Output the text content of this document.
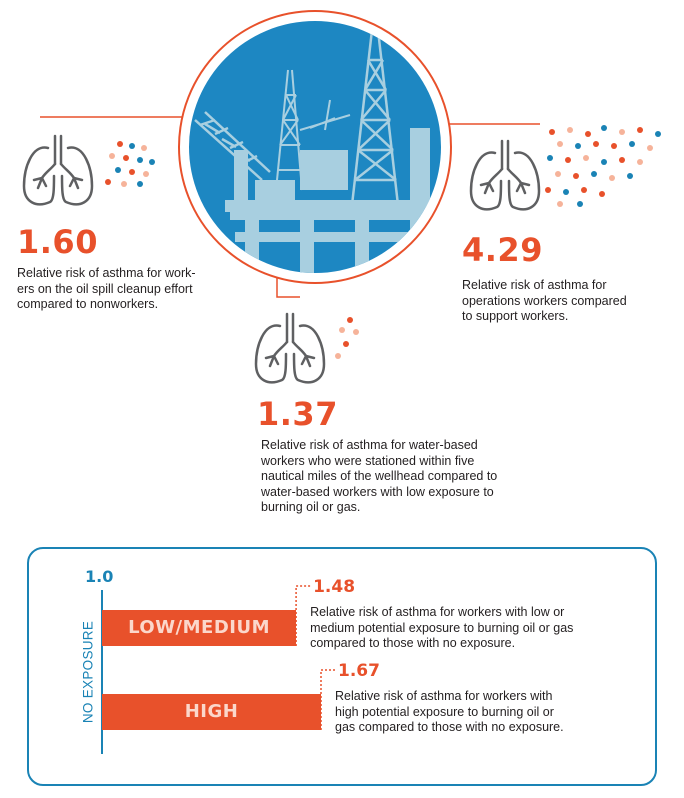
1.60
Relative risk of asthma for work-
ers on the oil spill cleanup effort
compared to nonworkers.
4.29
Relative risk of asthma for
operations workers compared
to support workers.
1.37
Relative risk of asthma for water-based
workers who were stationed within five
nautical miles of the wellhead compared to
water-based workers with low exposure to
burning oil or gas.
1.0
NO EXPOSURE	LOW/MEDIUM
HIGH
1.48
1.67
Relative risk of asthma for workers with low or
medium potential exposure to burning oil or gas
compared to those with no exposure.
Relative risk of asthma for workers with
high potential exposure to burning oil or
gas compared to those with no exposure.
